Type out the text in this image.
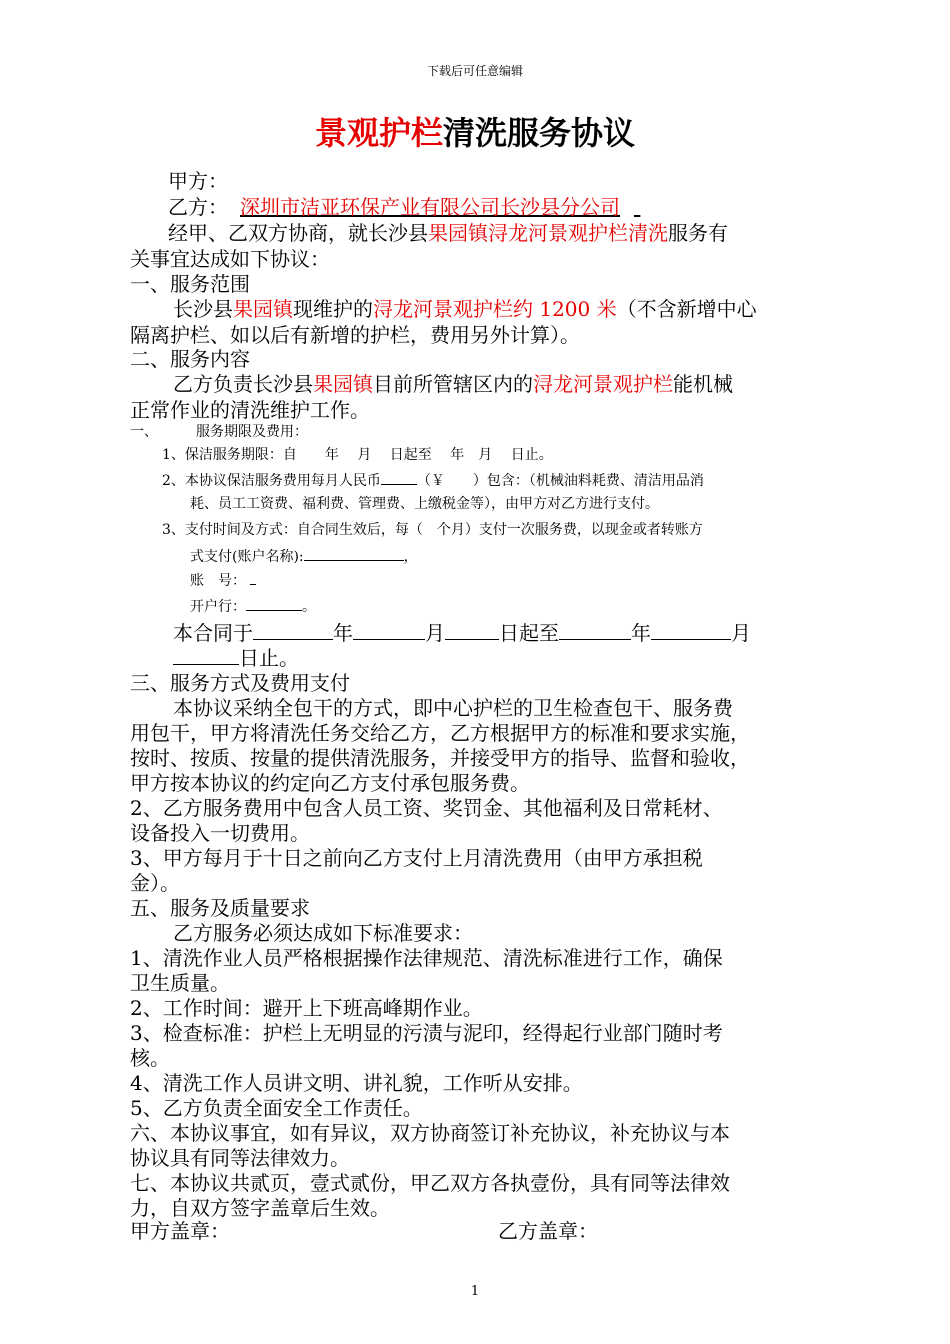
下载后可任意编辑
景观护栏清洗服务协议
甲方：
乙方： 深圳市洁亚环保产业有限公司长沙县分公司
经甲、乙双方协商，就长沙县果园镇浔龙河景观护栏清洗服务有
关事宜达成如下协议：
一、服务范围
长沙县果园镇现维护的浔龙河景观护栏约 1200 米（不含新增中心
隔离护栏、如以后有新增的护栏，费用另外计算）。
二、服务内容
乙方负责长沙县果园镇目前所管辖区内的浔龙河景观护栏能机械
正常作业的清洗维护工作。
一、	服务期限及费用：
1、保洁服务期限：自　　年　 月　 日起至　 年　月　 日止。
2、本协议保洁服务费用每月人民币	（￥　　）包含：（机械油料耗费、清洁用品消
耗、员工工资费、福利费、管理费、上缴税金等），由甲方对乙方进行支付。
3、支付时间及方式：自合同生效后，每（　个月）支付一次服务费，以现金或者转账方
式支付(账户名称):	，
账　号：
开户行：	。
本合同于	年	月	日起至	年	月
日止。
三、服务方式及费用支付
本协议采纳全包干的方式，即中心护栏的卫生检查包干、服务费
用包干，甲方将清洗任务交给乙方，乙方根据甲方的标准和要求实施，
按时、按质、按量的提供清洗服务，并接受甲方的指导、监督和验收，
甲方按本协议的约定向乙方支付承包服务费。
2、乙方服务费用中包含人员工资、奖罚金、其他福利及日常耗材、
设备投入一切费用。
3、甲方每月于十日之前向乙方支付上月清洗费用（由甲方承担税
金）。
五、服务及质量要求
乙方服务必须达成如下标准要求：
1、清洗作业人员严格根据操作法律规范、清洗标准进行工作，确保
卫生质量。
2、工作时间：避开上下班高峰期作业。
3、检查标准：护栏上无明显的污渍与泥印，经得起行业部门随时考
核。
4、清洗工作人员讲文明、讲礼貌，工作听从安排。
5、乙方负责全面安全工作责任。
六、本协议事宜，如有异议，双方协商签订补充协议，补充协议与本
协议具有同等法律效力。
七、本协议共贰页，壹式贰份，甲乙双方各执壹份，具有同等法律效
力，自双方签字盖章后生效。
甲方盖章：	乙方盖章：
1
